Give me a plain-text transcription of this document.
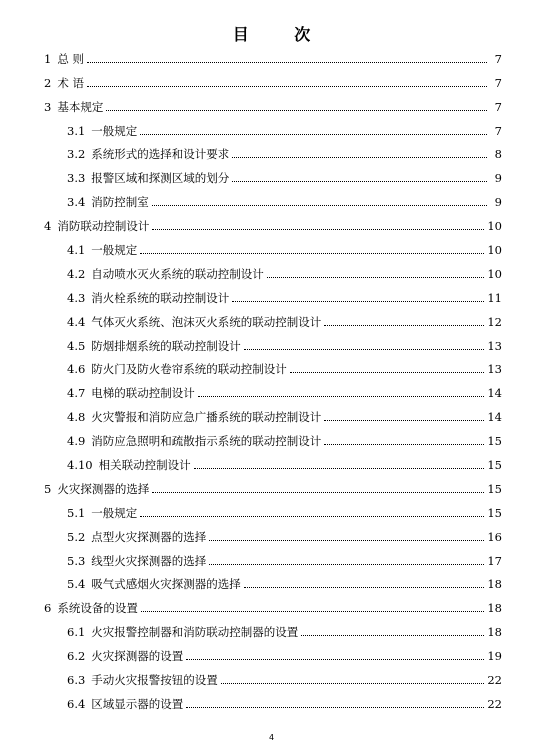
目 次
1 总 则	7
2 术 语	7
3 基本规定	7
3.1 一般规定	7
3.2 系统形式的选择和设计要求	8
3.3 报警区域和探测区域的划分	9
3.4 消防控制室	9
4 消防联动控制设计	10
4.1 一般规定	10
4.2 自动喷水灭火系统的联动控制设计	10
4.3 消火栓系统的联动控制设计	11
4.4 气体灭火系统、泡沫灭火系统的联动控制设计	12
4.5 防烟排烟系统的联动控制设计	13
4.6 防火门及防火卷帘系统的联动控制设计	13
4.7 电梯的联动控制设计	14
4.8 火灾警报和消防应急广播系统的联动控制设计	14
4.9 消防应急照明和疏散指示系统的联动控制设计	15
4.10 相关联动控制设计	15
5 火灾探测器的选择	15
5.1 一般规定	15
5.2 点型火灾探测器的选择	16
5.3 线型火灾探测器的选择	17
5.4 吸气式感烟火灾探测器的选择	18
6 系统设备的设置	18
6.1 火灾报警控制器和消防联动控制器的设置	18
6.2 火灾探测器的设置	19
6.3 手动火灾报警按钮的设置	22
6.4 区域显示器的设置	22
4
